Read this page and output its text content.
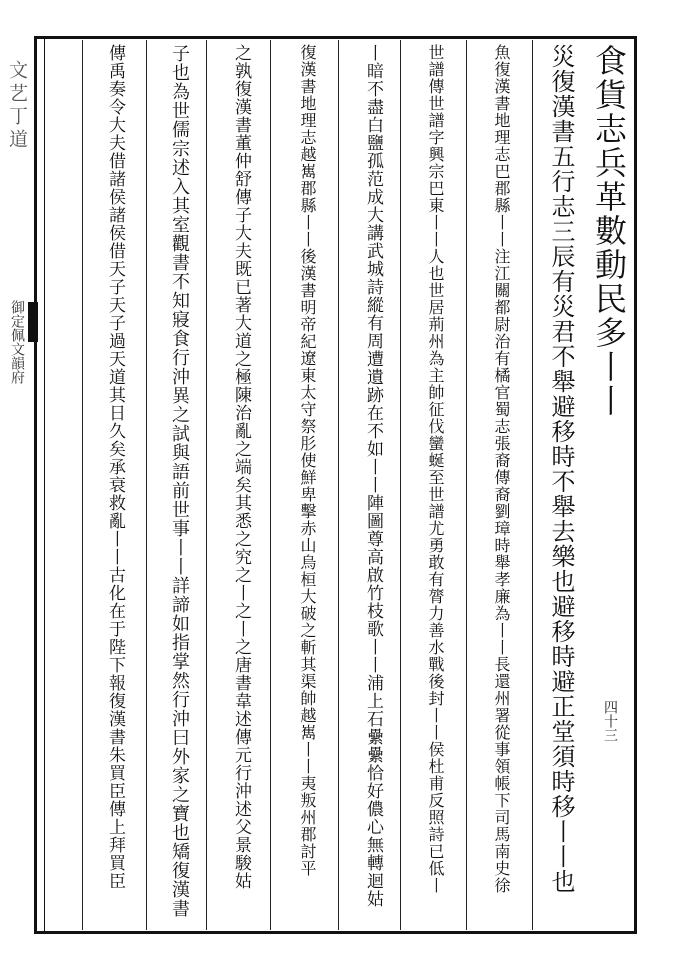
文艺丁道
御定佩文韻府	食貨志兵革數動民多丨丨
災復漢書五行志三辰有災君不舉避移時不舉去樂也避移時避正堂須時移丨丨也
魚復漢書地理志巴郡縣丨丨注江關都尉治有橘官蜀志張裔傳裔劉璋時舉孝廉為丨丨長還州署從事領帳下司馬南史徐
世譜傳世譜字興宗巴東丨丨人也世居荊州為主帥征伐蠻蜒至世譜尤勇敢有膂力善水戰後封丨丨侯杜甫反照詩已低丨
丨暗不盡白鹽孤范成大講武城詩縱有周遭遺跡在不如丨丨陣圖尊高啟竹枝歌丨丨浦上石纍纍恰好儂心無轉迴姑
復漢書地理志越嶲郡縣丨丨後漢書明帝紀遼東太守祭肜使鮮卑擊赤山烏桓大破之斬其渠帥越嶲丨丨夷叛州郡討平
之孰復漢書董仲舒傳子大夫既已著大道之極陳治亂之端矣其悉之究之丨之丨之唐書韋述傳元行沖述父景駿姑
子也為世儒宗述入其室觀書不知寢食行沖異之試與語前世事丨丨詳諦如指掌然行沖曰外家之寶也矯復漢書
傳禹奏令大夫借諸侯諸侯借天子天子過天道其日久矣承衰救亂丨丨古化在于陛下報復漢書朱買臣傳上拜買臣	四十三
